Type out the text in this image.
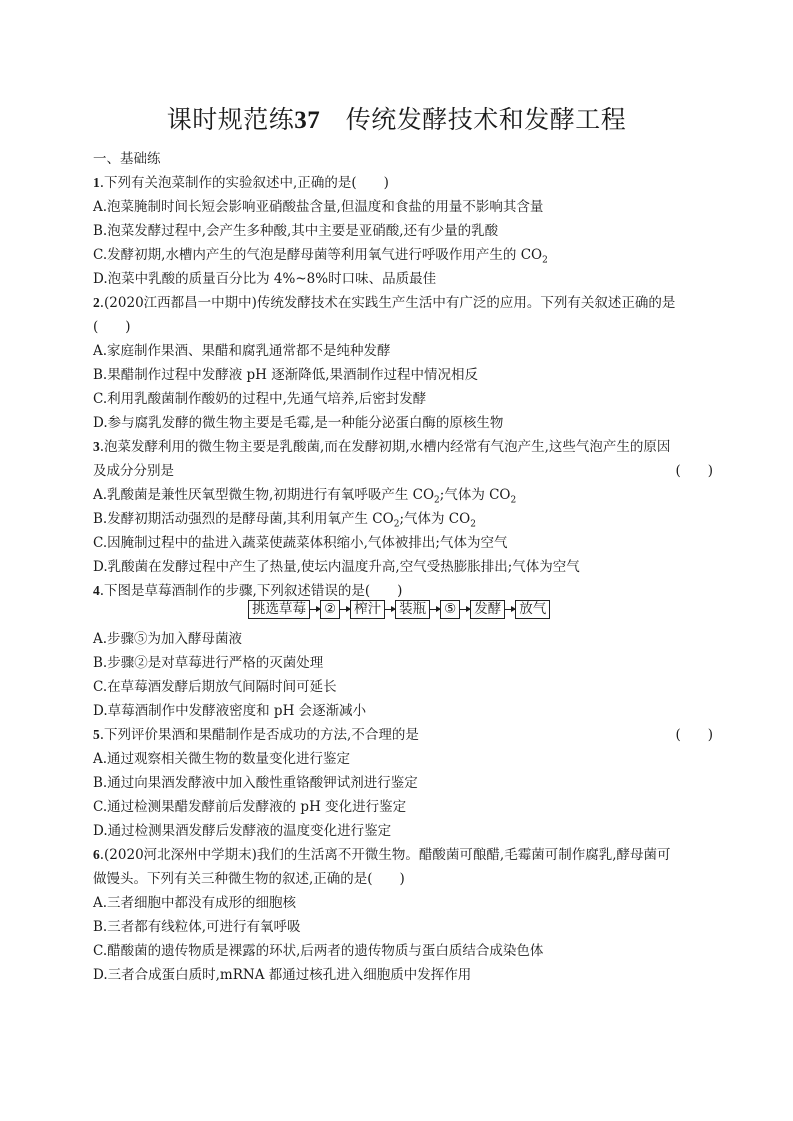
课时规范练37　 传统发酵技术和发酵工程
一、基础练
1.下列有关泡菜制作的实验叙述中,正确的是(　　)
A.泡菜腌制时间长短会影响亚硝酸盐含量,但温度和食盐的用量不影响其含量
B.泡菜发酵过程中,会产生多种酸,其中主要是亚硝酸,还有少量的乳酸
C.发酵初期,水槽内产生的气泡是酵母菌等利用氧气进行呼吸作用产生的 $CO_2$
D.泡菜中乳酸的质量百分比为 4%~8%时口味、品质最佳
2.(2020江西都昌一中期中)传统发酵技术在实践生产生活中有广泛的应用。下列有关叙述正确的是
(　　)
A.家庭制作果酒、果醋和腐乳通常都不是纯种发酵
B.果醋制作过程中发酵液 pH 逐渐降低,果酒制作过程中情况相反
C.利用乳酸菌制作酸奶的过程中,先通气培养,后密封发酵
D.参与腐乳发酵的微生物主要是毛霉,是一种能分泌蛋白酶的原核生物
3.泡菜发酵利用的微生物主要是乳酸菌,而在发酵初期,水槽内经常有气泡产生,这些气泡产生的原因
及成分分别是	(　　)
A.乳酸菌是兼性厌氧型微生物,初期进行有氧呼吸产生 $CO_2$;气体为 $CO_2$
B.发酵初期活动强烈的是酵母菌,其利用氧产生 $CO_2$;气体为 $CO_2$
C.因腌制过程中的盐进入蔬菜使蔬菜体积缩小,气体被排出;气体为空气
D.乳酸菌在发酵过程中产生了热量,使坛内温度升高,空气受热膨胀排出;气体为空气
4.下图是草莓酒制作的步骤,下列叙述错误的是(　　)
挑选草莓 ② 榨汁 装瓶 ⑤ 发酵 放气
A.步骤⑤为加入酵母菌液
B.步骤②是对草莓进行严格的灭菌处理
C.在草莓酒发酵后期放气间隔时间可延长
D.草莓酒制作中发酵液密度和 pH 会逐渐减小
5.下列评价果酒和果醋制作是否成功的方法,不合理的是	(　　)
A.通过观察相关微生物的数量变化进行鉴定
B.通过向果酒发酵液中加入酸性重铬酸钾试剂进行鉴定
C.通过检测果醋发酵前后发酵液的 pH 变化进行鉴定
D.通过检测果酒发酵后发酵液的温度变化进行鉴定
6.(2020河北深州中学期末)我们的生活离不开微生物。醋酸菌可酿醋,毛霉菌可制作腐乳,酵母菌可
做馒头。下列有关三种微生物的叙述,正确的是(　　)
A.三者细胞中都没有成形的细胞核
B.三者都有线粒体,可进行有氧呼吸
C.醋酸菌的遗传物质是裸露的环状,后两者的遗传物质与蛋白质结合成染色体
D.三者合成蛋白质时,mRNA 都通过核孔进入细胞质中发挥作用
